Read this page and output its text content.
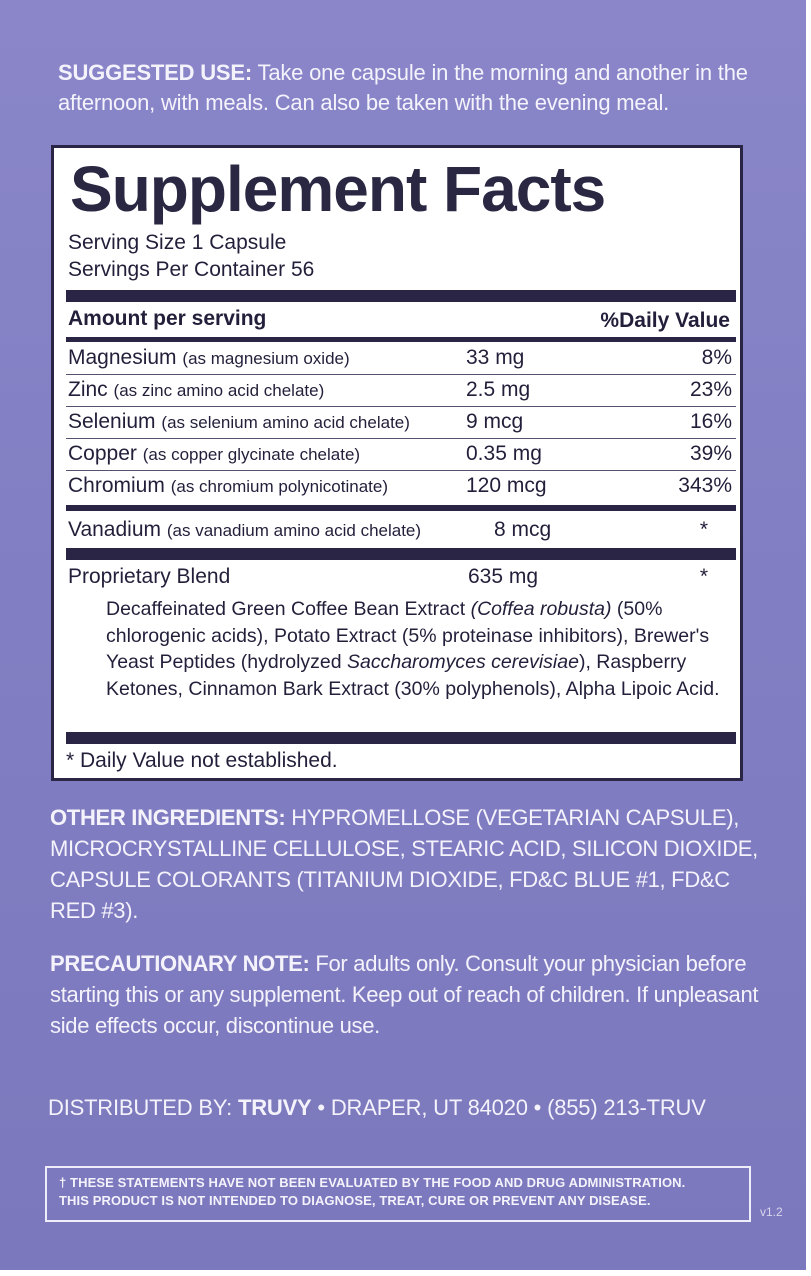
SUGGESTED USE: Take one capsule in the morning and another in the afternoon, with meals. Can also be taken with the evening meal.
Supplement Facts
Serving Size 1 Capsule
Servings Per Container 56
Amount per serving	%Daily Value
Magnesium (as magnesium oxide)	33 mg	8%
Zinc (as zinc amino acid chelate)	2.5 mg	23%
Selenium (as selenium amino acid chelate)	9 mcg	16%
Copper (as copper glycinate chelate)	0.35 mg	39%
Chromium (as chromium polynicotinate)	120 mcg	343%
Vanadium (as vanadium amino acid chelate)	8 mcg	*
Proprietary Blend	635 mg	*
Decaffeinated Green Coffee Bean Extract (Coffea robusta) (50% chlorogenic acids), Potato Extract (5% proteinase inhibitors), Brewer's Yeast Peptides (hydrolyzed Saccharomyces cerevisiae), Raspberry Ketones, Cinnamon Bark Extract (30% polyphenols), Alpha Lipoic Acid.
* Daily Value not established.
OTHER INGREDIENTS: HYPROMELLOSE (VEGETARIAN CAPSULE), MICROCRYSTALLINE CELLULOSE, STEARIC ACID, SILICON DIOXIDE, CAPSULE COLORANTS (TITANIUM DIOXIDE, FD&C BLUE #1, FD&C RED #3).
PRECAUTIONARY NOTE: For adults only. Consult your physician before starting this or any supplement. Keep out of reach of children. If unpleasant side effects occur, discontinue use.
DISTRIBUTED BY: TRUVY • DRAPER, UT 84020 • (855) 213-TRUV
† THESE STATEMENTS HAVE NOT BEEN EVALUATED BY THE FOOD AND DRUG ADMINISTRATION.
THIS PRODUCT IS NOT INTENDED TO DIAGNOSE, TREAT, CURE OR PREVENT ANY DISEASE.
v1.2
